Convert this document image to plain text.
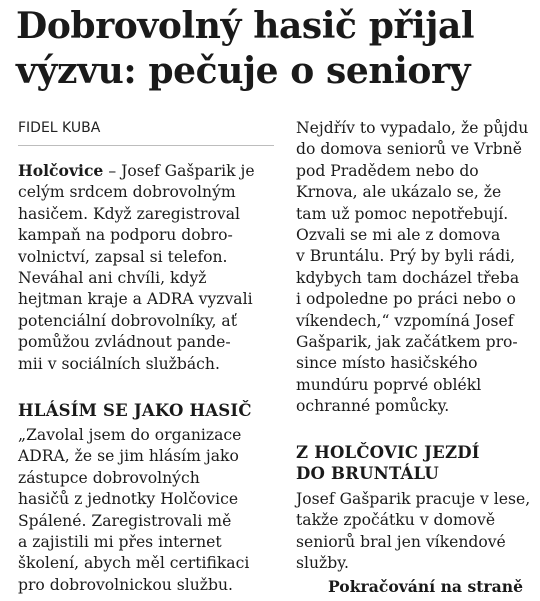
Dobrovolný hasič přijal
výzvu: pečuje o seniory
FIDEL KUBA
Holčovice – Josef Gašparik je
celým srdcem dobrovolným
hasičem. Když zaregistroval
kampaň na podporu dobro-
volnictví, zapsal si telefon.
Neváhal ani chvíli, když
hejtman kraje a ADRA vyzvali
potenciální dobrovolníky, ať
pomůžou zvládnout pande-
mii v sociálních službách.
HLÁSÍM SE JAKO HASIČ
„Zavolal jsem do organizace
ADRA, že se jim hlásím jako
zástupce dobrovolných
hasičů z jednotky Holčovice
Spálené. Zaregistrovali mě
a zajistili mi přes internet
školení, abych měl certifikaci
pro dobrovolnickou službu.
Nejdřív to vypadalo, že půjdu
do domova seniorů ve Vrbně
pod Pradědem nebo do
Krnova, ale ukázalo se, že
tam už pomoc nepotřebují.
Ozvali se mi ale z domova
v Bruntálu. Prý by byli rádi,
kdybych tam docházel třeba
i odpoledne po práci nebo o
víkendech,“ vzpomíná Josef
Gašparik, jak začátkem pro-
since místo hasičského
mundúru poprvé oblékl
ochranné pomůcky.
Z HOLČOVIC JEZDÍ
DO BRUNTÁLU
Josef Gašparik pracuje v lese,
takže zpočátku v domově
seniorů bral jen víkendové
služby.
Pokračování na straně
